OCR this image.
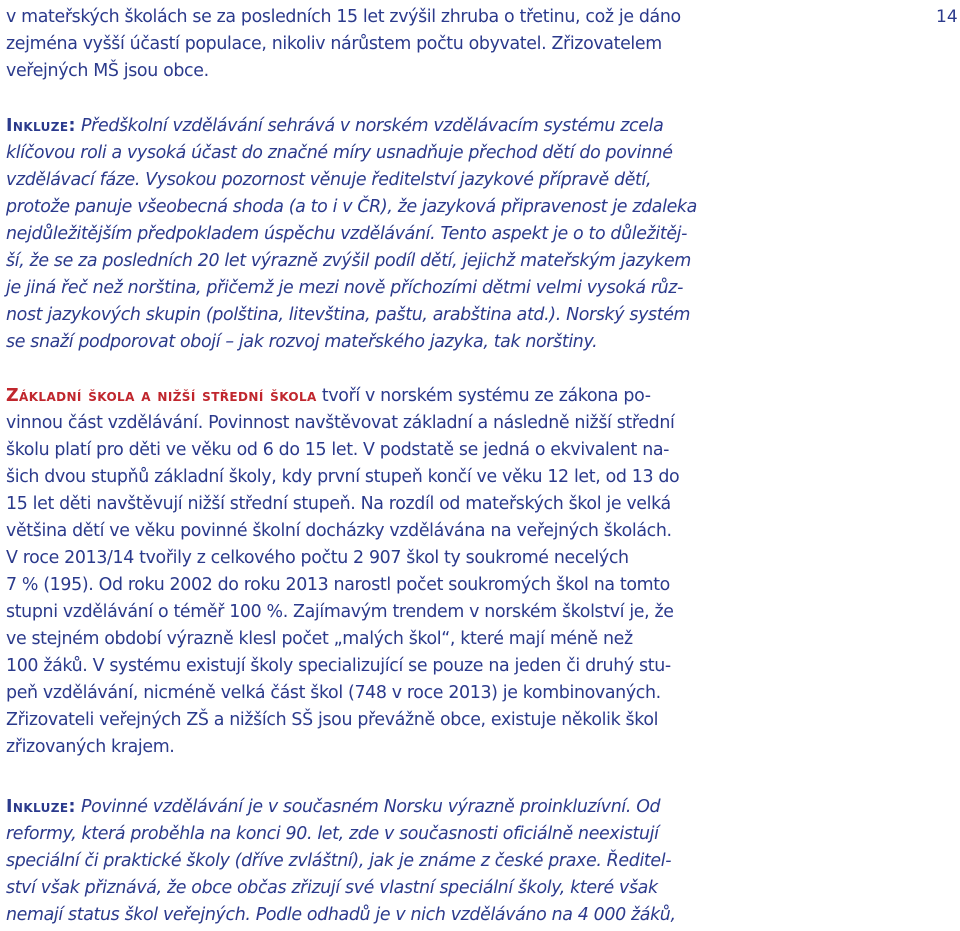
14
v mateřských školách se za posledních 15 let zvýšil zhruba o třetinu, což je dáno
zejména vyšší účastí populace, nikoliv nárůstem počtu obyvatel. Zřizovatelem
veřejných MŠ jsou obce.
Inkluze: Předškolní vzdělávání sehrává v norském vzdělávacím systému zcela
klíčovou roli a vysoká účast do značné míry usnadňuje přechod dětí do povinné
vzdělávací fáze. Vysokou pozornost věnuje ředitelství jazykové přípravě dětí,
protože panuje všeobecná shoda (a to i v ČR), že jazyková připravenost je zdaleka
nejdůležitějším předpokladem úspěchu vzdělávání. Tento aspekt je o to důležitěj-
ší, že se za posledních 20 let výrazně zvýšil podíl dětí, jejichž mateřským jazykem
je jiná řeč než norština, přičemž je mezi nově příchozími dětmi velmi vysoká růz-
nost jazykových skupin (polština, litevština, paštu, arabština atd.). Norský systém
se snaží podporovat obojí – jak rozvoj mateřského jazyka, tak norštiny.
Základní škola a nižší střední škola tvoří v norském systému ze zákona po-
vinnou část vzdělávání. Povinnost navštěvovat základní a následně nižší střední
školu platí pro děti ve věku od 6 do 15 let. V podstatě se jedná o ekvivalent na-
šich dvou stupňů základní školy, kdy první stupeň končí ve věku 12 let, od 13 do
15 let děti navštěvují nižší střední stupeň. Na rozdíl od mateřských škol je velká
většina dětí ve věku povinné školní docházky vzdělávána na veřejných školách.
V roce 2013/14 tvořily z celkového počtu 2 907 škol ty soukromé necelých
7 % (195). Od roku 2002 do roku 2013 narostl počet soukromých škol na tomto
stupni vzdělávání o téměř 100 %. Zajímavým trendem v norském školství je, že
ve stejném období výrazně klesl počet „malých škol“, které mají méně než
100 žáků. V systému existují školy specializující se pouze na jeden či druhý stu-
peň vzdělávání, nicméně velká část škol (748 v roce 2013) je kombinovaných.
Zřizovateli veřejných ZŠ a nižších SŠ jsou převážně obce, existuje několik škol
zřizovaných krajem.
Inkluze: Povinné vzdělávání je v současném Norsku výrazně proinkluzívní. Od
reformy, která proběhla na konci 90. let, zde v současnosti oficiálně neexistují
speciální či praktické školy (dříve zvláštní), jak je známe z české praxe. Ředitel-
ství však přiznává, že obce občas zřizují své vlastní speciální školy, které však
nemají status škol veřejných. Podle odhadů je v nich vzděláváno na 4 000 žáků,
